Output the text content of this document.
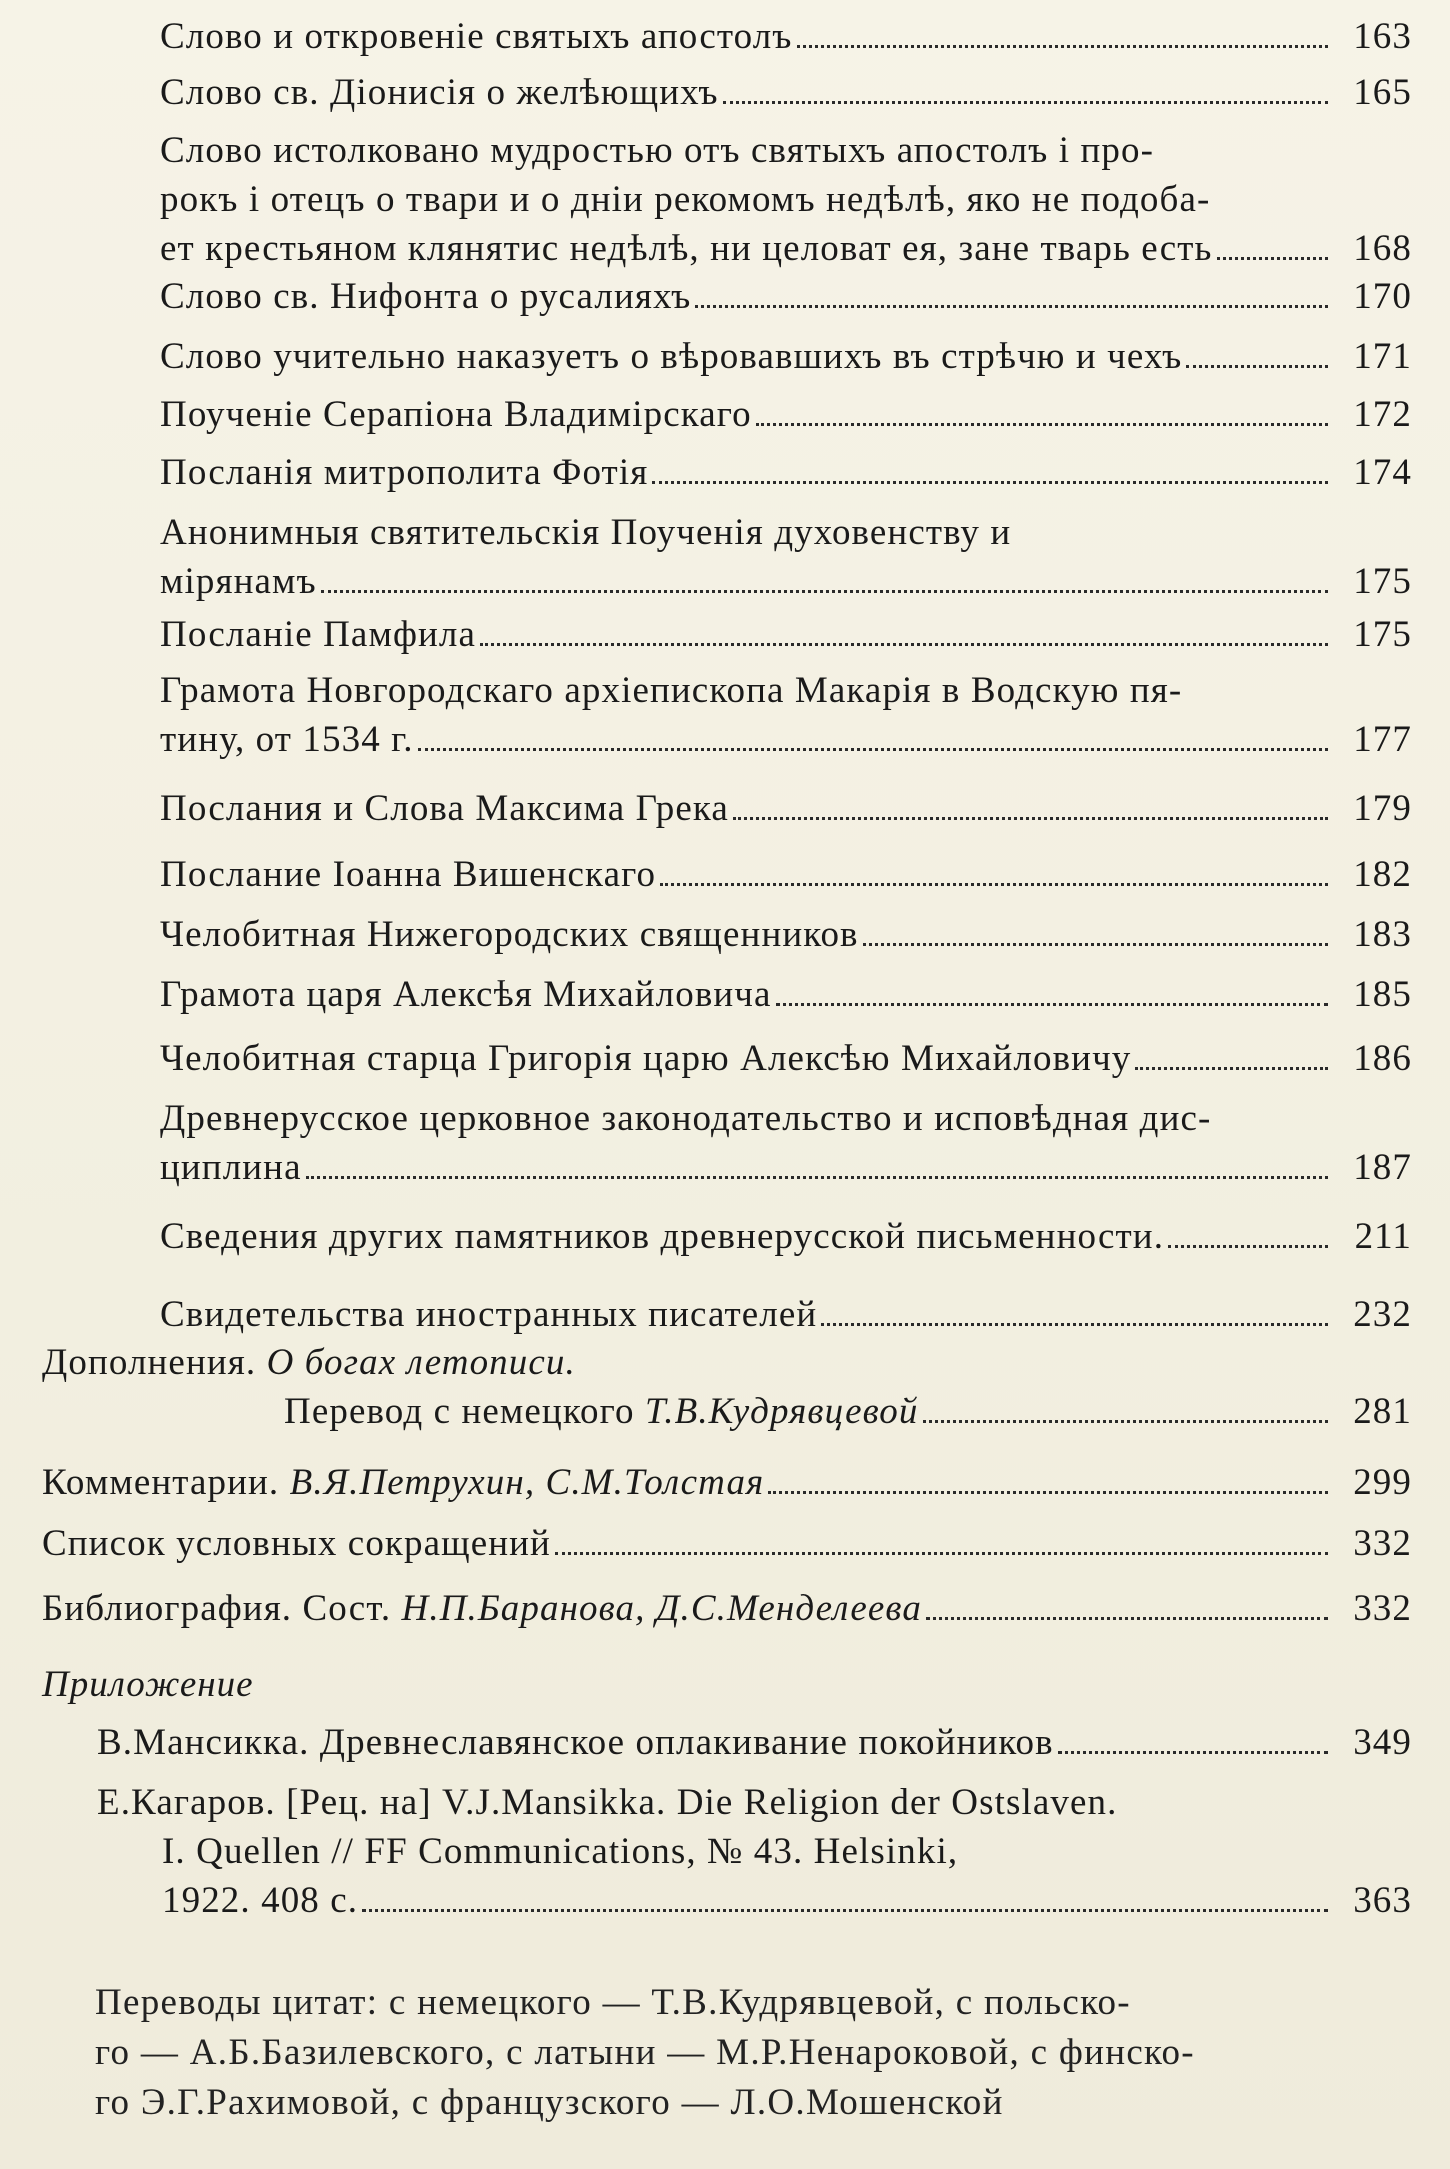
Слово и откровеніе святыхъ апостолъ	163
Слово св. Діонисія о желѣющихъ	165
Слово истолковано мудростью отъ святыхъ апостолъ і про-
рокъ і отецъ о твари и о дніи рекомомъ недѣлѣ, яко не подоба-
ет крестьяном клянятис недѣлѣ, ни целоват ея, зане тварь есть	168
Слово св. Нифонта о русалияхъ	170
Слово учительно наказуетъ о вѣровавшихъ въ стрѣчю и чехъ	171
Поученіе Серапіона Владимірскаго	172
Посланія митрополита Фотія	174
Анонимныя святительскія Поученія духовенству и
мірянамъ	175
Посланіе Памфила	175
Грамота Новгородскаго архіепископа Макарія в Водскую пя-
тину, от 1534 г.	177
Послания и Слова Максима Грека	179
Послание Іоанна Вишенскаго	182
Челобитная Нижегородских священников	183
Грамота царя Алексѣя Михайловича	185
Челобитная старца Григорія царю Алексѣю Михайловичу	186
Древнерусское церковное законодательство и исповѣдная дис-
циплина	187
Сведения других памятников древнерусской письменности.	211
Свидетельства иностранных писателей	232
Дополнения. О богах летописи.
Перевод с немецкого Т.В.Кудрявцевой	281
Комментарии. В.Я.Петрухин, С.М.Толстая	299
Список условных сокращений	332
Библиография. Сост. Н.П.Баранова, Д.С.Менделеева	332
Приложение
В.Мансикка. Древнеславянское оплакивание покойников	349
Е.Кагаров. [Рец. на] V.J.Mansikka. Die Religion der Ostslaven.
I. Quellen // FF Communications, № 43. Helsinki,
1922. 408 с.	363
Переводы цитат: с немецкого — Т.В.Кудрявцевой, с польско-
го — А.Б.Базилевского, с латыни — М.Р.Ненароковой, с финско-
го Э.Г.Рахимовой, с французского — Л.О.Мошенской
